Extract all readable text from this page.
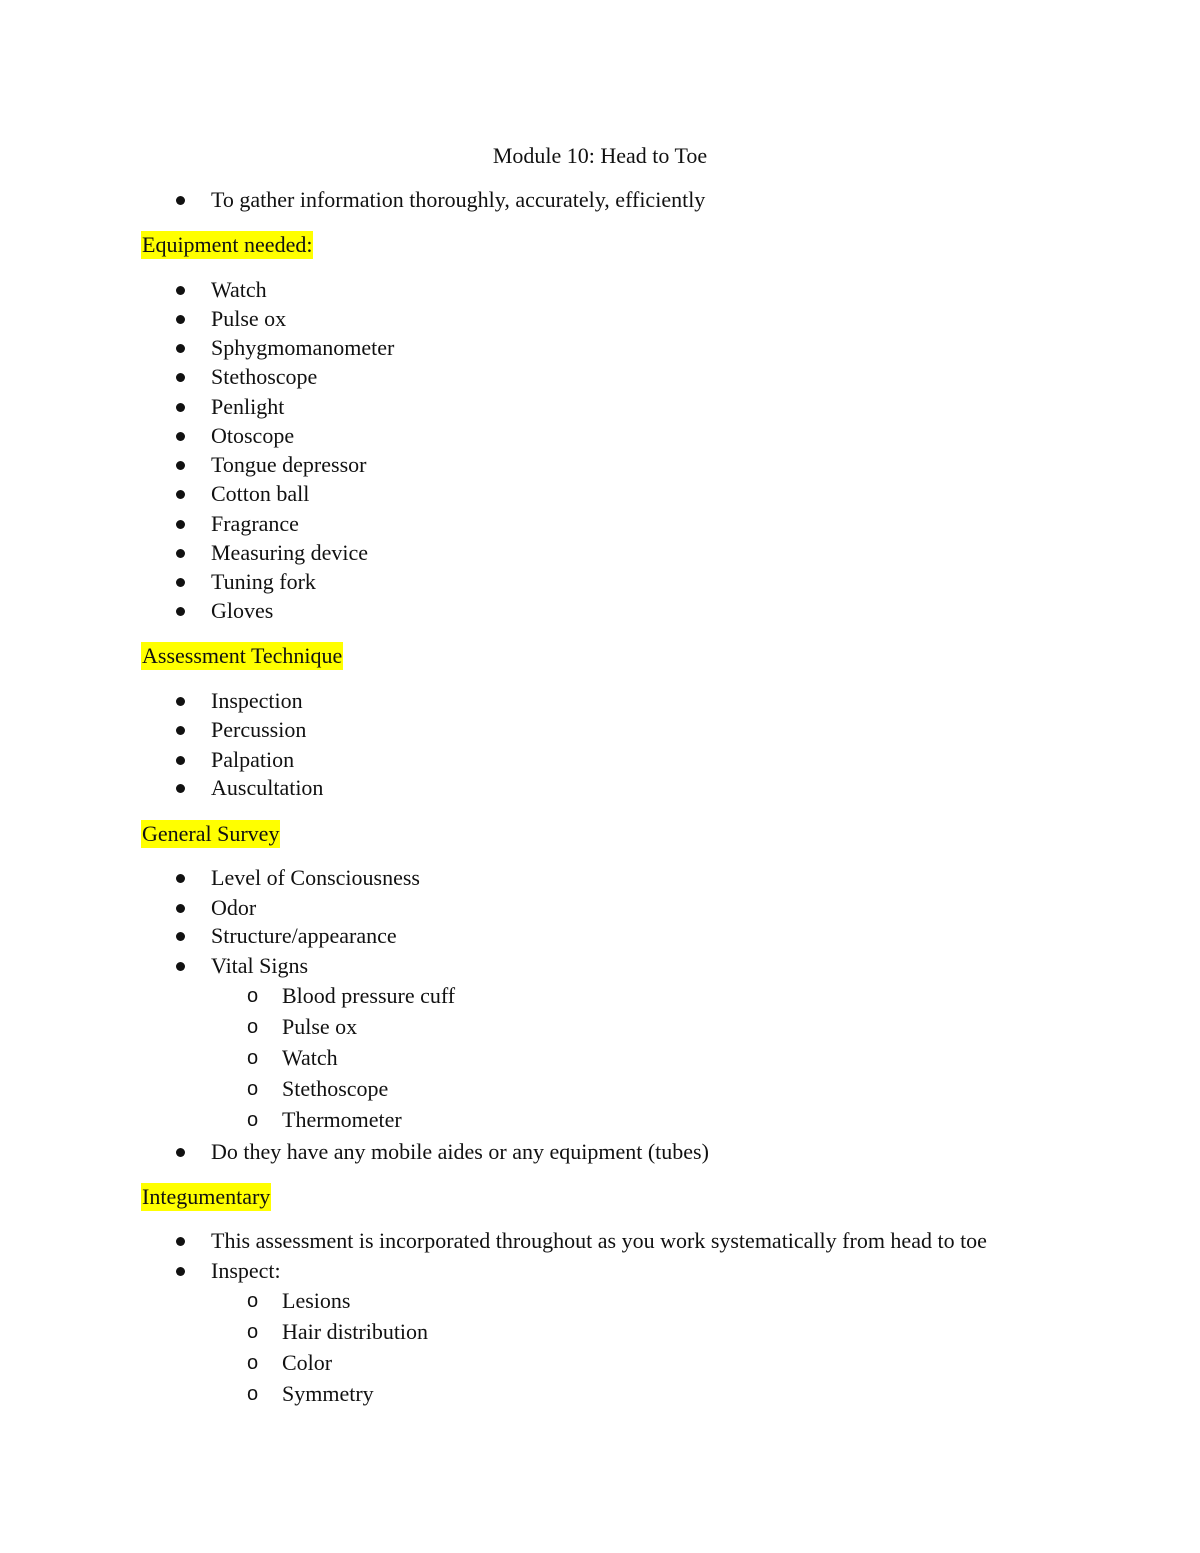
Module 10: Head to Toe
To gather information thoroughly, accurately, efficiently
Equipment needed:
Watch
Pulse ox
Sphygmomanometer
Stethoscope
Penlight
Otoscope
Tongue depressor
Cotton ball
Fragrance
Measuring device
Tuning fork
Gloves
Assessment Technique
Inspection
Percussion
Palpation
Auscultation
General Survey
Level of Consciousness
Odor
Structure/appearance
Vital Signs
o Blood pressure cuff
o Pulse ox
o Watch
o Stethoscope
o Thermometer
Do they have any mobile aides or any equipment (tubes)
Integumentary
This assessment is incorporated throughout as you work systematically from head to toe
Inspect:
o Lesions
o Hair distribution
o Color
o Symmetry
